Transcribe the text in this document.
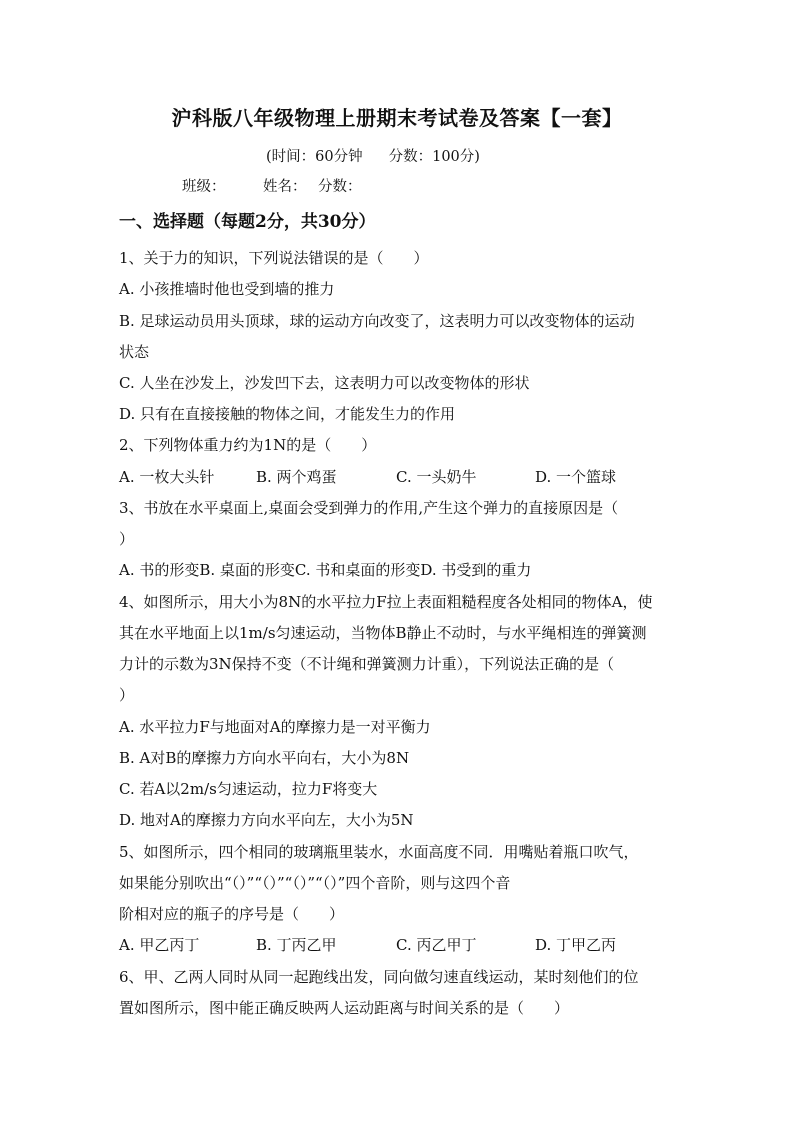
沪科版八年级物理上册期末考试卷及答案【一套】
(时间：60分钟 分数：100分)
班级：	姓名： 分数：
一、选择题（每题2分，共30分）
1、关于力的知识，下列说法错误的是（　　）
A. 小孩推墙时他也受到墙的推力
B. 足球运动员用头顶球，球的运动方向改变了，这表明力可以改变物体的运动
状态
C. 人坐在沙发上，沙发凹下去，这表明力可以改变物体的形状
D. 只有在直接接触的物体之间，才能发生力的作用
2、下列物体重力约为1N的是（　　）
A. 一枚大头针	B. 两个鸡蛋	C. 一头奶牛	D. 一个篮球
3、书放在水平桌面上,桌面会受到弹力的作用,产生这个弹力的直接原因是（
）
A. 书的形变B. 桌面的形变C. 书和桌面的形变D. 书受到的重力
4、如图所示，用大小为8N的水平拉力F拉上表面粗糙程度各处相同的物体A，使
其在水平地面上以1m/s匀速运动，当物体B静止不动时，与水平绳相连的弹簧测
力计的示数为3N保持不变（不计绳和弹簧测力计重），下列说法正确的是（
）
A. 水平拉力F与地面对A的摩擦力是一对平衡力
B. A对B的摩擦力方向水平向右，大小为8N
C. 若A以2m/s匀速运动，拉力F将变大
D. 地对A的摩擦力方向水平向左，大小为5N
5、如图所示，四个相同的玻璃瓶里装水，水面高度不同．用嘴贴着瓶口吹气，
如果能分别吹出“（）”“（）”“（）”“（）”四个音阶，则与这四个音
阶相对应的瓶子的序号是（　　）
A. 甲乙丙丁	B. 丁丙乙甲	C. 丙乙甲丁	D. 丁甲乙丙
6、甲、乙两人同时从同一起跑线出发，同向做匀速直线运动，某时刻他们的位
置如图所示，图中能正确反映两人运动距离与时间关系的是（　　）
